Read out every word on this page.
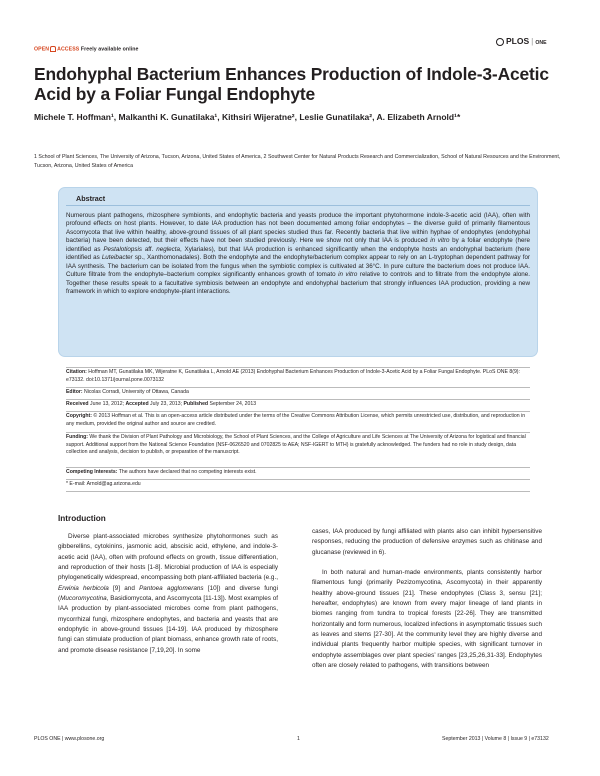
OPEN ACCESS Freely available online
PLOS | ONE
Endohyphal Bacterium Enhances Production of Indole-3-Acetic Acid by a Foliar Fungal Endophyte
Michele T. Hoffman¹, Malkanthi K. Gunatilaka¹, Kithsiri Wijeratne², Leslie Gunatilaka², A. Elizabeth Arnold¹*
1 School of Plant Sciences, The University of Arizona, Tucson, Arizona, United States of America, 2 Southwest Center for Natural Products Research and Commercialization, School of Natural Resources and the Environment, Tucson, Arizona, United States of America
Abstract
Numerous plant pathogens, rhizosphere symbionts, and endophytic bacteria and yeasts produce the important phytohormone indole-3-acetic acid (IAA), often with profound effects on host plants. However, to date IAA production has not been documented among foliar endophytes – the diverse guild of primarily filamentous Ascomycota that live within healthy, above-ground tissues of all plant species studied thus far. Recently bacteria that live within hyphae of endophytes (endohyphal bacteria) have been detected, but their effects have not been studied previously. Here we show not only that IAA is produced in vitro by a foliar endophyte (here identified as Pestalotiopsis aff. neglecta, Xylariales), but that IAA production is enhanced significantly when the endophyte hosts an endohyphal bacterium (here identified as Luteibacter sp., Xanthomonadales). Both the endophyte and the endophyte/bacterium complex appear to rely on an L-tryptophan dependent pathway for IAA synthesis. The bacterium can be isolated from the fungus when the symbiotic complex is cultivated at 36°C. In pure culture the bacterium does not produce IAA. Culture filtrate from the endophyte–bacterium complex significantly enhances growth of tomato in vitro relative to controls and to filtrate from the endophyte alone. Together these results speak to a facultative symbiosis between an endophyte and endohyphal bacterium that strongly influences IAA production, providing a new framework in which to explore endophyte-plant interactions.
Citation: Hoffman MT, Gunatilaka MK, Wijeratne K, Gunatilaka L, Arnold AE (2013) Endohyphal Bacterium Enhances Production of Indole-3-Acetic Acid by a Foliar Fungal Endophyte. PLoS ONE 8(9): e73132. doi:10.1371/journal.pone.0073132
Editor: Nicolas Corradi, University of Ottawa, Canada
Received June 13, 2012; Accepted July 23, 2013; Published September 24, 2013
Copyright: © 2013 Hoffman et al. This is an open-access article distributed under the terms of the Creative Commons Attribution License, which permits unrestricted use, distribution, and reproduction in any medium, provided the original author and source are credited.
Funding: We thank the Division of Plant Pathology and Microbiology, the School of Plant Sciences, and the College of Agriculture and Life Sciences at The University of Arizona for logistical and financial support. Additional support from the National Science Foundation (NSF-0626520 and 0702825 to AEA; NSF-IGERT to MTH) is gratefully acknowledged. The funders had no role in study design, data collection and analysis, decision to publish, or preparation of the manuscript.
Competing Interests: The authors have declared that no competing interests exist.
* E-mail: Arnold@ag.arizona.edu
Introduction

Diverse plant-associated microbes synthesize phytohormones such as gibberellins, cytokinins, jasmonic acid, abscisic acid, ethylene, and indole-3-acetic acid (IAA), often with profound effects on growth, tissue differentiation, and reproduction of their hosts [1-8]. Microbial production of IAA is especially phylogenetically widespread, encompassing both plant-affiliated bacteria (e.g., Erwinia herbicola [9] and Pantoea agglomerans [10]) and diverse fungi (Mucoromycotina, Basidiomycota, and Ascomycota [11-13]). Most examples of IAA production by plant-associated microbes come from plant pathogens, mycorrhizal fungi, rhizosphere endophytes, and bacteria and yeasts that are endophytic in above-ground tissues [14-19]. IAA produced by rhizosphere fungi can stimulate production of plant biomass, enhance growth rate of roots, and promote disease resistance [7,19,20]. In some

cases, IAA produced by fungi affiliated with plants also can inhibit hypersensitive responses, reducing the production of defensive enzymes such as chitinase and glucanase (reviewed in 6).

In both natural and human-made environments, plants consistently harbor filamentous fungi (primarily Pezizomycotina, Ascomycota) in their apparently healthy above-ground tissues [21]. These endophytes (Class 3, sensu [21]; hereafter, endophytes) are known from every major lineage of land plants in biomes ranging from tundra to tropical forests [22-26]. They are transmitted horizontally and form numerous, localized infections in asymptomatic tissues such as leaves and stems [27-30]. At the community level they are highly diverse and individual plants frequently harbor multiple species, with significant turnover in endophyte assemblages over plant species’ ranges [23,25,26,31-33]. Endophytes often are closely related to pathogens, with transitions between

PLOS ONE | www.plosone.org	1	September 2013 | Volume 8 | Issue 9 | e73132
